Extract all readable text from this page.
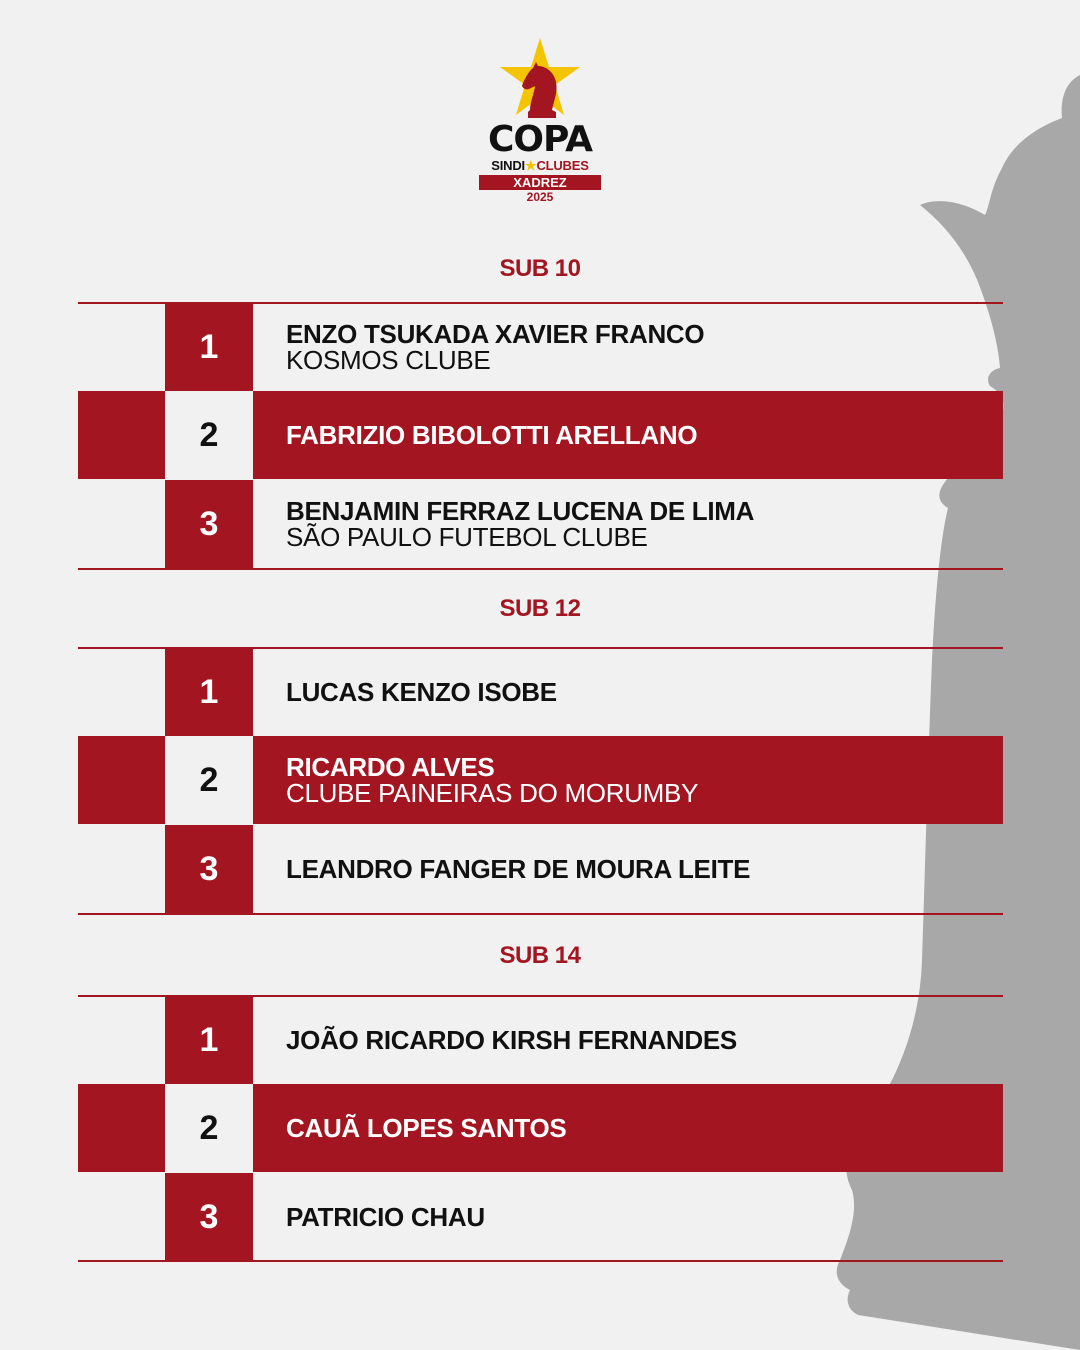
COPA
SINDI★CLUBES
XADREZ
2025
SUB 10
1	ENZO TSUKADA XAVIER FRANCO
KOSMOS CLUBE
2	FABRIZIO BIBOLOTTI ARELLANO
3	BENJAMIN FERRAZ LUCENA DE LIMA
SÃO PAULO FUTEBOL CLUBE
SUB 12
1	LUCAS KENZO ISOBE
2	RICARDO ALVES
CLUBE PAINEIRAS DO MORUMBY
3	LEANDRO FANGER DE MOURA LEITE
SUB 14
1	JOÃO RICARDO KIRSH FERNANDES
2	CAUÃ LOPES SANTOS
3	PATRICIO CHAU
